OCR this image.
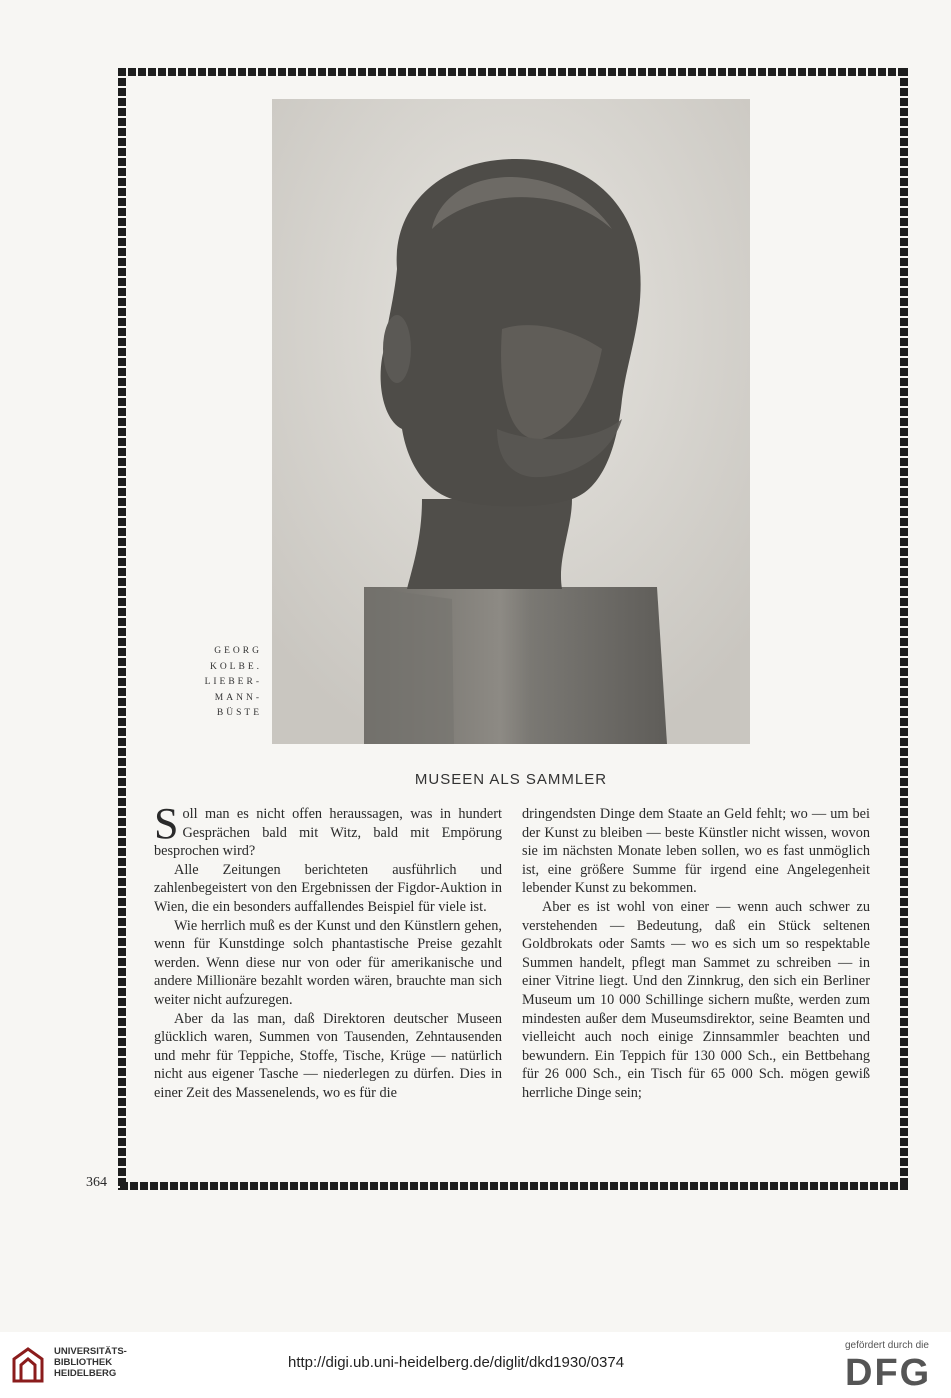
GEORG
KOLBE.
LIEBER-
MANN-
BÜSTE
MUSEEN ALS SAMMLER

Soll man es nicht offen heraussagen, was in hundert Gesprächen bald mit Witz, bald mit Empörung besprochen wird?

Alle Zeitungen berichteten ausführlich und zahlenbegeistert von den Ergebnissen der Figdor-Auktion in Wien, die ein besonders auffallendes Beispiel für viele ist.

Wie herrlich muß es der Kunst und den Künstlern gehen, wenn für Kunstdinge solch phantastische Preise gezahlt werden. Wenn diese nur von oder für amerikanische und andere Millionäre bezahlt worden wären, brauchte man sich weiter nicht aufzuregen.

Aber da las man, daß Direktoren deutscher Museen glücklich waren, Summen von Tausenden, Zehntausenden und mehr für Teppiche, Stoffe, Tische, Krüge — natürlich nicht aus eigener Tasche — niederlegen zu dürfen. Dies in einer Zeit des Massenelends, wo es für die

dringendsten Dinge dem Staate an Geld fehlt; wo — um bei der Kunst zu bleiben — beste Künstler nicht wissen, wovon sie im nächsten Monate leben sollen, wo es fast unmöglich ist, eine größere Summe für irgend eine Angelegenheit lebender Kunst zu bekommen.

Aber es ist wohl von einer — wenn auch schwer zu verstehenden — Bedeutung, daß ein Stück seltenen Goldbrokats oder Samts — wo es sich um so respektable Summen handelt, pflegt man Sammet zu schreiben — in einer Vitrine liegt. Und den Zinnkrug, den sich ein Berliner Museum um 10 000 Schillinge sichern mußte, werden zum mindesten außer dem Museumsdirektor, seine Beamten und vielleicht auch noch einige Zinnsammler beachten und bewundern. Ein Teppich für 130 000 Sch., ein Bettbehang für 26 000 Sch., ein Tisch für 65 000 Sch. mögen gewiß herrliche Dinge sein;

364
UNIVERSITÄTS-
BIBLIOTHEK
HEIDELBERG
http://digi.ub.uni-heidelberg.de/diglit/dkd1930/0374
gefördert durch die
DFG
